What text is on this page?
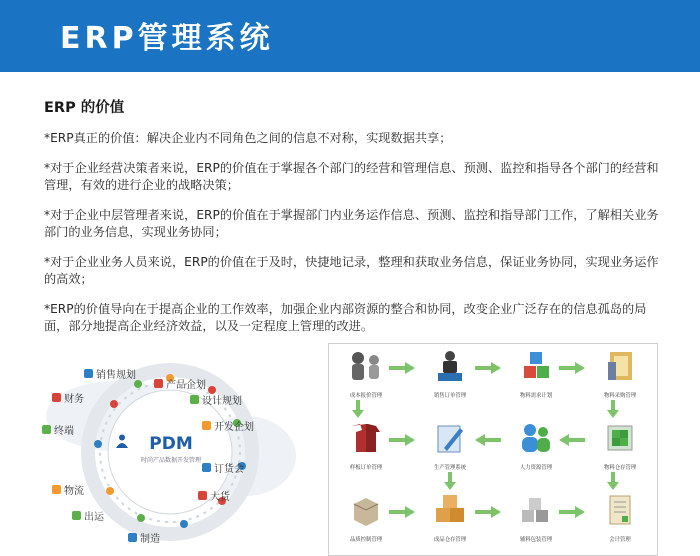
ERP管理系统
ERP 的价值

*ERP真正的价值：解决企业内不同角色之间的信息不对称，实现数据共享；

*对于企业经营决策者来说，ERP的价值在于掌握各个部门的经营和管理信息、预测、监控和指导各个部门的经营和管理，有效的进行企业的战略决策；

*对于企业中层管理者来说，ERP的价值在于掌握部门内业务运作信息、预测、监控和指导部门工作，了解相关业务部门的业务信息，实现业务协同；

*对于企业业务人员来说，ERP的价值在于及时，快捷地记录，整理和获取业务信息，保证业务协同，实现业务运作的高效；

*ERP的价值导向在于提高企业的工作效率，加强企业内部资源的整合和协同，改变企业广泛存在的信息孤岛的局面，部分地提高企业经济效益，以及一定程度上管理的改进。

PDM
时尚产品数据开发管理
销售规划
产品企划
财务	设计规划
终端	开发企划
订货会
物流
大货
出运
制造
成本报价管理	销售订单管理	物料需求计划	物料采购管理
样板订单管理	生产管理系统	人力资源管理	物料仓存管理
品质控制管理	成品仓存管理	辅料包装管理	会计管理
